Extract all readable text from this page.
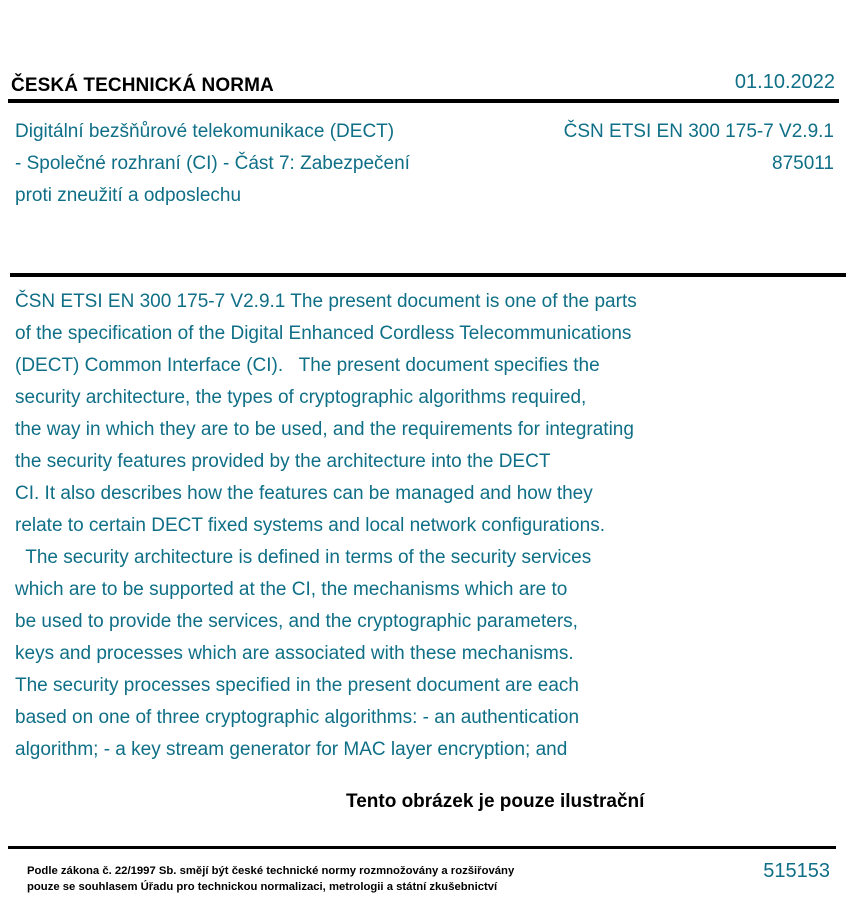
ČESKÁ TECHNICKÁ NORMA	01.10.2022
Digitální bezšňůrové telekomunikace (DECT)
- Společné rozhraní (CI) - Část 7: Zabezpečení
proti zneužití a odposlechu
ČSN ETSI EN 300 175-7 V2.9.1
875011
ČSN ETSI EN 300 175-7 V2.9.1 The present document is one of the parts
of the specification of the Digital Enhanced Cordless Telecommunications
(DECT) Common Interface (CI).   The present document specifies the
security architecture, the types of cryptographic algorithms required,
the way in which they are to be used, and the requirements for integrating
the security features provided by the architecture into the DECT
CI. It also describes how the features can be managed and how they
relate to certain DECT fixed systems and local network configurations.
The security architecture is defined in terms of the security services
which are to be supported at the CI, the mechanisms which are to
be used to provide the services, and the cryptographic parameters,
keys and processes which are associated with these mechanisms.
The security processes specified in the present document are each
based on one of three cryptographic algorithms: - an authentication
algorithm; - a key stream generator for MAC layer encryption; and
Tento obrázek je pouze ilustrační
Podle zákona č. 22/1997 Sb. smějí být české technické normy rozmnožovány a rozšiřovány
pouze se souhlasem Úřadu pro technickou normalizaci, metrologii a státní zkušebnictví
515153
